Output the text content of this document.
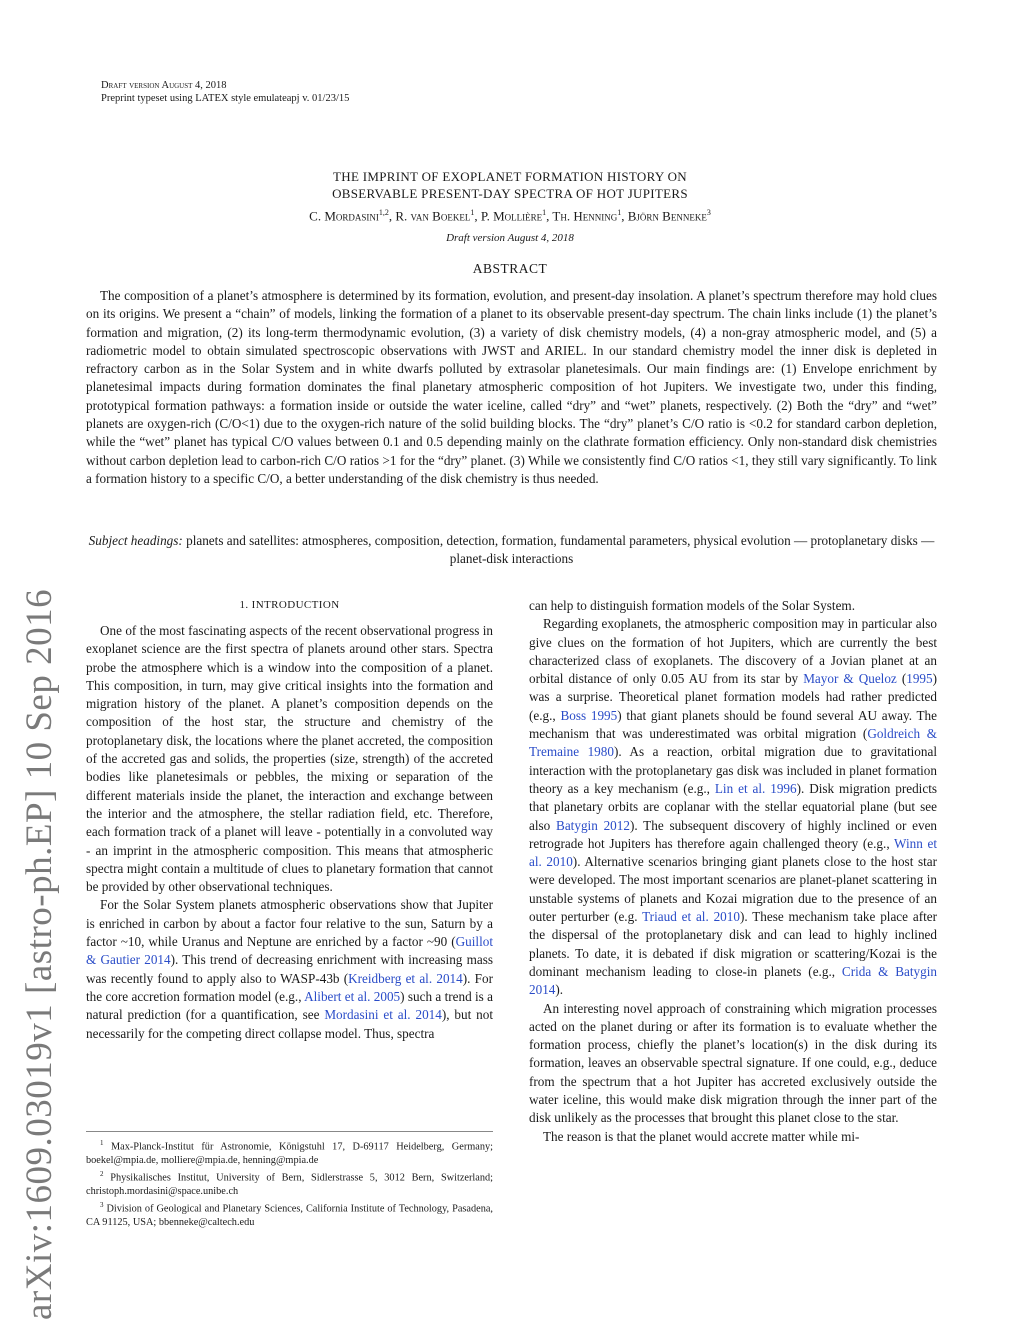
Draft version August 4, 2018
Preprint typeset using LATEX style emulateapj v. 01/23/15
arXiv:1609.03019v1 [astro-ph.EP] 10 Sep 2016
THE IMPRINT OF EXOPLANET FORMATION HISTORY ON
OBSERVABLE PRESENT-DAY SPECTRA OF HOT JUPITERS
C. Mordasini$^{1,2}$, R. van Boekel$^1$, P. Mollière$^1$, Th. Henning$^1$, Björn Benneke$^3$
Draft version August 4, 2018
ABSTRACT

The composition of a planet’s atmosphere is determined by its formation, evolution, and present-day insolation. A planet’s spectrum therefore may hold clues on its origins. We present a “chain” of models, linking the formation of a planet to its observable present-day spectrum. The chain links include (1) the planet’s formation and migration, (2) its long-term thermodynamic evolution, (3) a variety of disk chemistry models, (4) a non-gray atmospheric model, and (5) a radiometric model to obtain simulated spectroscopic observations with JWST and ARIEL. In our standard chemistry model the inner disk is depleted in refractory carbon as in the Solar System and in white dwarfs polluted by extrasolar planetesimals. Our main findings are: (1) Envelope enrichment by planetesimal impacts during formation dominates the final planetary atmospheric composition of hot Jupiters. We investigate two, under this finding, prototypical formation pathways: a formation inside or outside the water iceline, called “dry” and “wet” planets, respectively. (2) Both the “dry” and “wet” planets are oxygen-rich (C/O<1) due to the oxygen-rich nature of the solid building blocks. The “dry” planet’s C/O ratio is <0.2 for standard carbon depletion, while the “wet” planet has typical C/O values between 0.1 and 0.5 depending mainly on the clathrate formation efficiency. Only non-standard disk chemistries without carbon depletion lead to carbon-rich C/O ratios >1 for the “dry” planet. (3) While we consistently find C/O ratios <1, they still vary significantly. To link a formation history to a specific C/O, a better understanding of the disk chemistry is thus needed.

Subject headings: planets and satellites: atmospheres, composition, detection, formation, fundamental parameters, physical evolution — protoplanetary disks — planet-disk interactions
1. INTRODUCTION

One of the most fascinating aspects of the recent observational progress in exoplanet science are the first spectra of planets around other stars. Spectra probe the atmosphere which is a window into the composition of a planet. This composition, in turn, may give critical insights into the formation and migration history of the planet. A planet’s composition depends on the composition of the host star, the structure and chemistry of the protoplanetary disk, the locations where the planet accreted, the composition of the accreted gas and solids, the properties (size, strength) of the accreted bodies like planetesimals or pebbles, the mixing or separation of the different materials inside the planet, the interaction and exchange between the interior and the atmosphere, the stellar radiation field, etc. Therefore, each formation track of a planet will leave - potentially in a convoluted way - an imprint in the atmospheric composition. This means that atmospheric spectra might contain a multitude of clues to planetary formation that cannot be provided by other observational techniques.

For the Solar System planets atmospheric observations show that Jupiter is enriched in carbon by about a factor four relative to the sun, Saturn by a factor ~10, while Uranus and Neptune are enriched by a factor ~90 (Guillot & Gautier 2014). This trend of decreasing enrichment with increasing mass was recently found to apply also to WASP-43b (Kreidberg et al. 2014). For the core accretion formation model (e.g., Alibert et al. 2005) such a trend is a natural prediction (for a quantification, see Mordasini et al. 2014), but not necessarily for the competing direct collapse model. Thus, spectra

$^1$ Max-Planck-Institut für Astronomie, Königstuhl 17, D-69117 Heidelberg, Germany; boekel@mpia.de, molliere@mpia.de, henning@mpia.de

$^2$ Physikalisches Institut, University of Bern, Sidlerstrasse 5, 3012 Bern, Switzerland; christoph.mordasini@space.unibe.ch

$^3$ Division of Geological and Planetary Sciences, California Institute of Technology, Pasadena, CA 91125, USA; bbenneke@caltech.edu

can help to distinguish formation models of the Solar System.

Regarding exoplanets, the atmospheric composition may in particular also give clues on the formation of hot Jupiters, which are currently the best characterized class of exoplanets. The discovery of a Jovian planet at an orbital distance of only 0.05 AU from its star by Mayor & Queloz (1995) was a surprise. Theoretical planet formation models had rather predicted (e.g., Boss 1995) that giant planets should be found several AU away. The mechanism that was underestimated was orbital migration (Goldreich & Tremaine 1980). As a reaction, orbital migration due to gravitational interaction with the protoplanetary gas disk was included in planet formation theory as a key mechanism (e.g., Lin et al. 1996). Disk migration predicts that planetary orbits are coplanar with the stellar equatorial plane (but see also Batygin 2012). The subsequent discovery of highly inclined or even retrograde hot Jupiters has therefore again challenged theory (e.g., Winn et al. 2010). Alternative scenarios bringing giant planets close to the host star were developed. The most important scenarios are planet-planet scattering in unstable systems of planets and Kozai migration due to the presence of an outer perturber (e.g. Triaud et al. 2010). These mechanism take place after the dispersal of the protoplanetary disk and can lead to highly inclined planets. To date, it is debated if disk migration or scattering/Kozai is the dominant mechanism leading to close-in planets (e.g., Crida & Batygin 2014).

An interesting novel approach of constraining which migration processes acted on the planet during or after its formation is to evaluate whether the formation process, chiefly the planet’s location(s) in the disk during its formation, leaves an observable spectral signature. If one could, e.g., deduce from the spectrum that a hot Jupiter has accreted exclusively outside the water iceline, this would make disk migration through the inner part of the disk unlikely as the processes that brought this planet close to the star.

The reason is that the planet would accrete matter while mi-
